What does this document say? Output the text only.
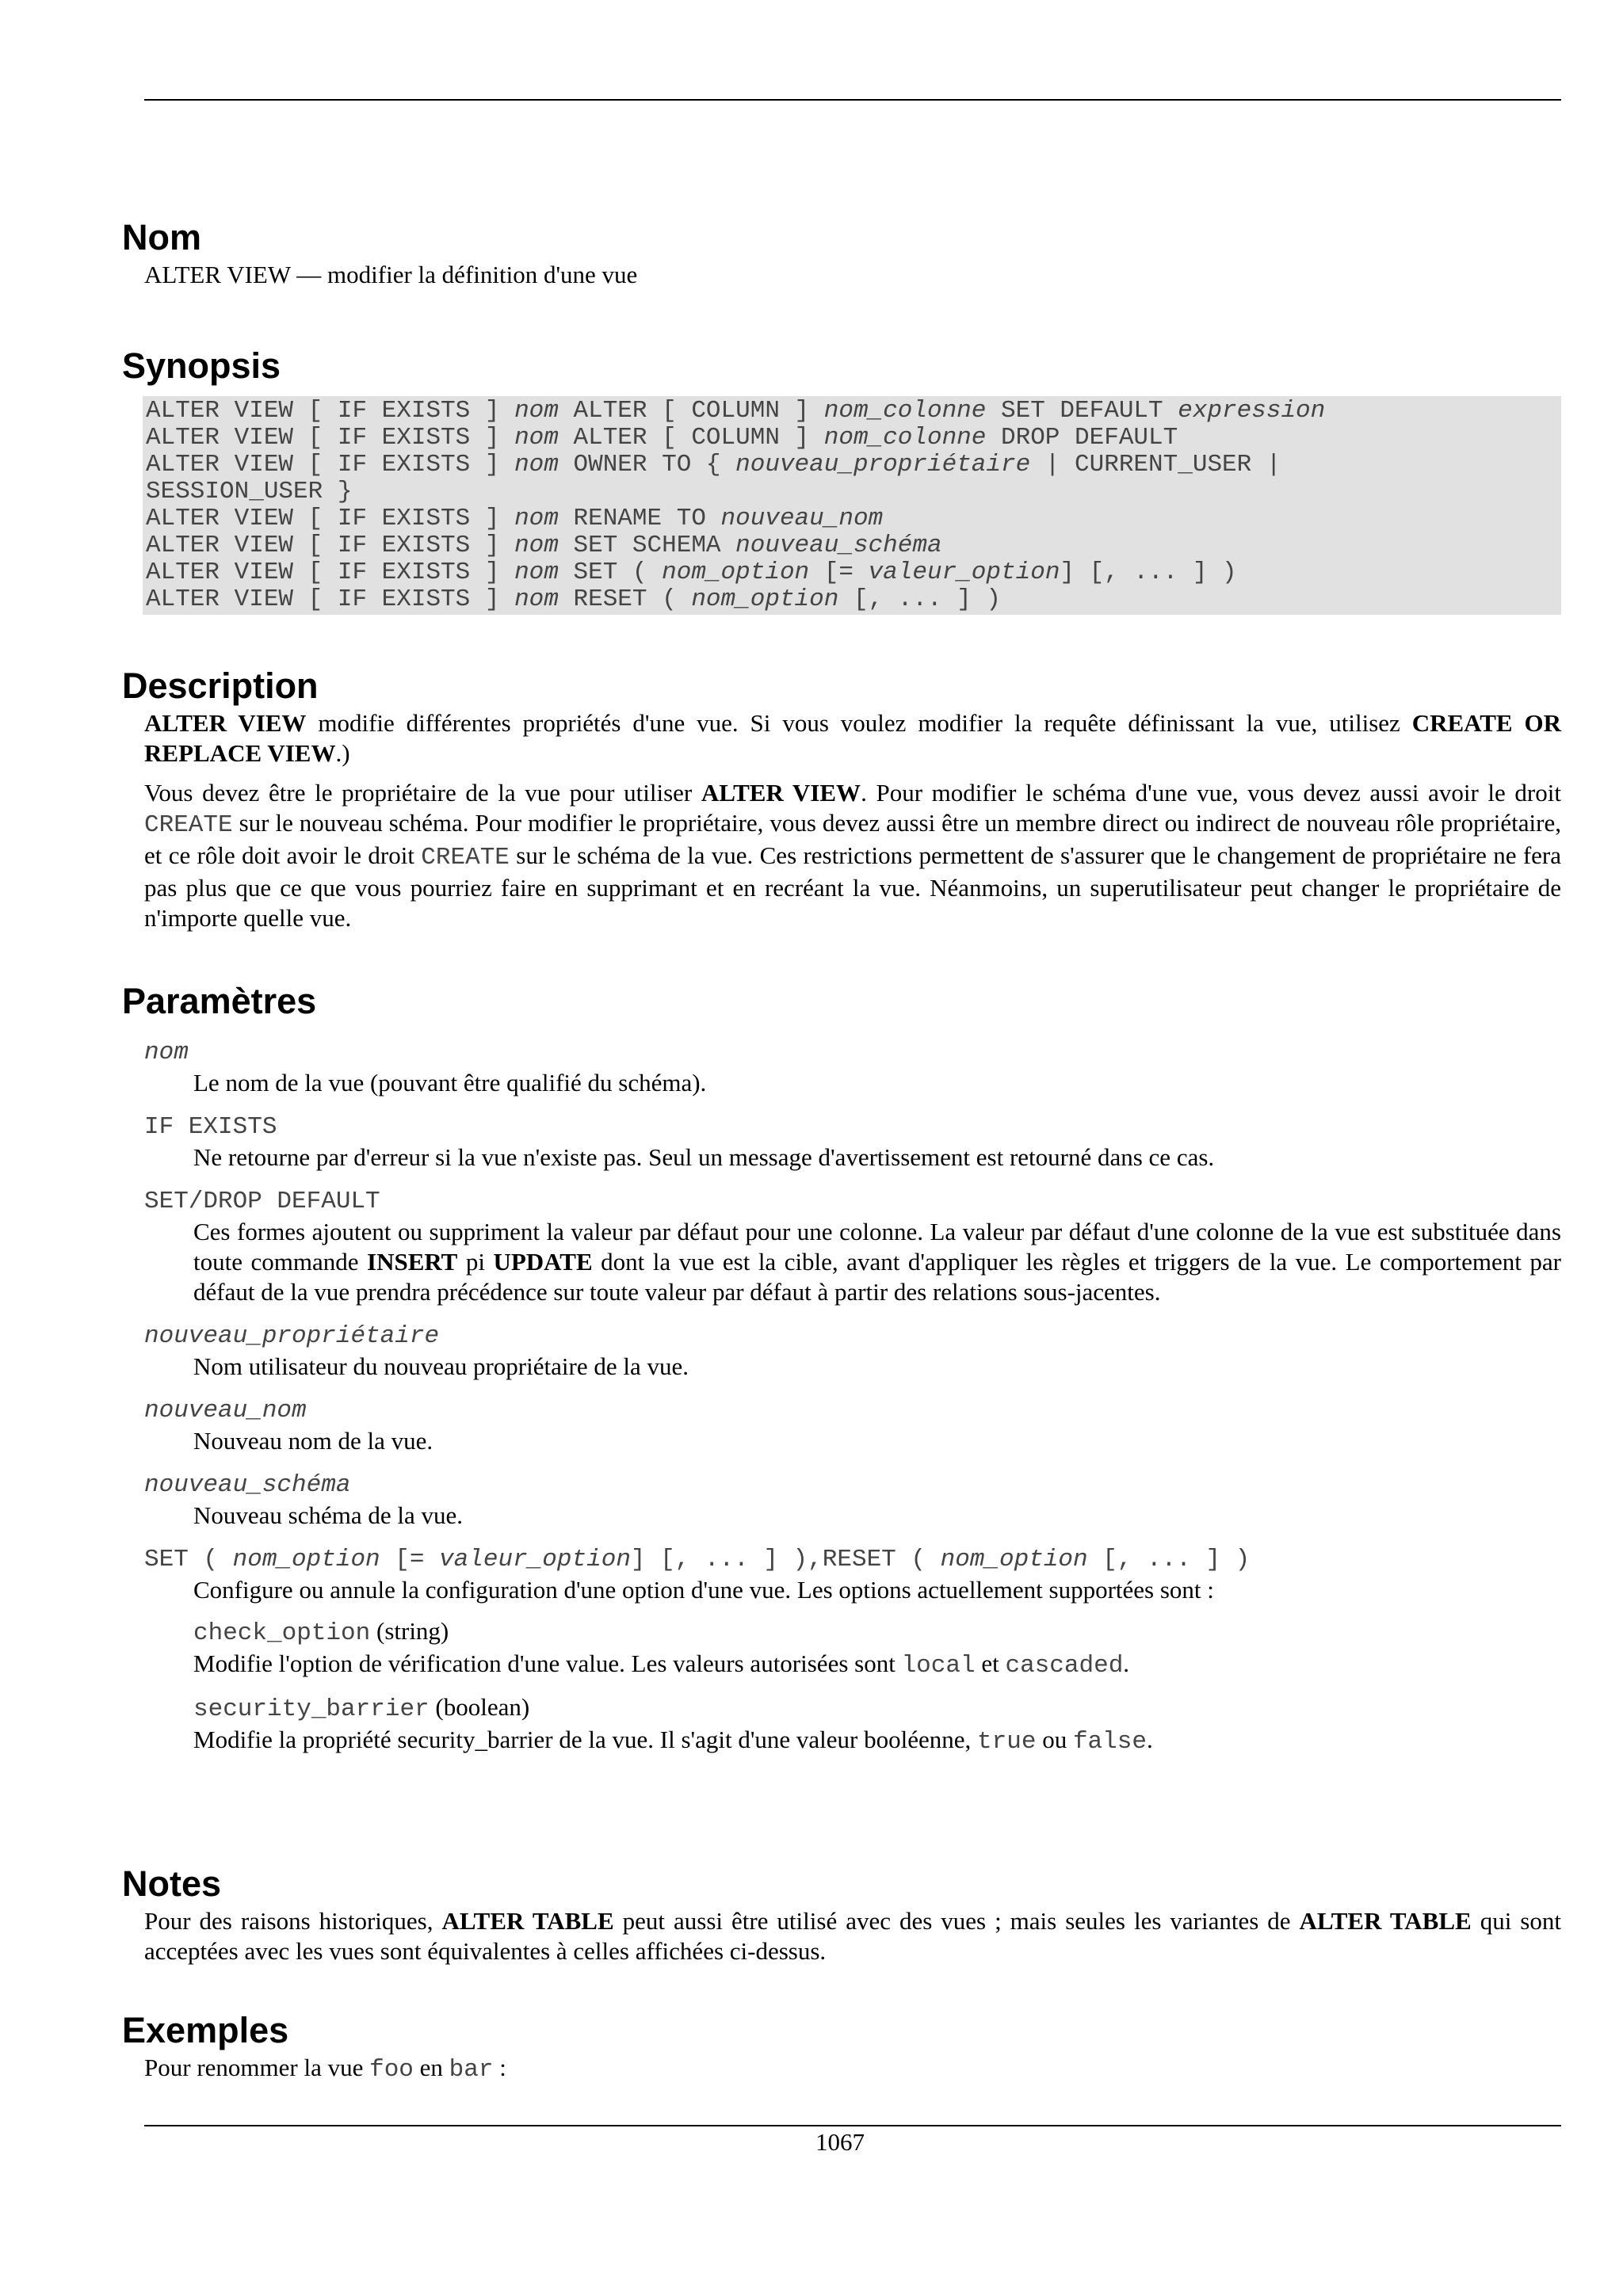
Nom

ALTER VIEW — modifier la définition d'une vue

Synopsis
ALTER VIEW [ IF EXISTS ] nom ALTER [ COLUMN ] nom_colonne SET DEFAULT expression
ALTER VIEW [ IF EXISTS ] nom ALTER [ COLUMN ] nom_colonne DROP DEFAULT
ALTER VIEW [ IF EXISTS ] nom OWNER TO { nouveau_propriétaire | CURRENT_USER |
SESSION_USER }
ALTER VIEW [ IF EXISTS ] nom RENAME TO nouveau_nom
ALTER VIEW [ IF EXISTS ] nom SET SCHEMA nouveau_schéma
ALTER VIEW [ IF EXISTS ] nom SET ( nom_option [= valeur_option] [, ... ] )
ALTER VIEW [ IF EXISTS ] nom RESET ( nom_option [, ... ] )
Description

ALTER VIEW modifie différentes propriétés d'une vue. Si vous voulez modifier la requête définissant la vue, utilisez CREATE OR REPLACE VIEW.)

Vous devez être le propriétaire de la vue pour utiliser ALTER VIEW. Pour modifier le schéma d'une vue, vous devez aussi avoir le droit CREATE sur le nouveau schéma. Pour modifier le propriétaire, vous devez aussi être un membre direct ou indirect de nouveau rôle propriétaire, et ce rôle doit avoir le droit CREATE sur le schéma de la vue. Ces restrictions permettent de s'assurer que le changement de propriétaire ne fera pas plus que ce que vous pourriez faire en supprimant et en recréant la vue. Néanmoins, un superutilisateur peut changer le propriétaire de n'importe quelle vue.

Paramètres
nom
Le nom de la vue (pouvant être qualifié du schéma).
IF EXISTS
Ne retourne par d'erreur si la vue n'existe pas. Seul un message d'avertissement est retourné dans ce cas.
SET/DROP DEFAULT
Ces formes ajoutent ou suppriment la valeur par défaut pour une colonne. La valeur par défaut d'une colonne de la vue est substituée dans toute commande INSERT pi UPDATE dont la vue est la cible, avant d'appliquer les règles et triggers de la vue. Le comportement par défaut de la vue prendra précédence sur toute valeur par défaut à partir des relations sous-jacentes.
nouveau_propriétaire
Nom utilisateur du nouveau propriétaire de la vue.
nouveau_nom
Nouveau nom de la vue.
nouveau_schéma
Nouveau schéma de la vue.
SET ( nom_option [= valeur_option] [, ... ] ),RESET ( nom_option [, ... ] )
Configure ou annule la configuration d'une option d'une vue. Les options actuellement supportées sont :
check_option (string)
Modifie l'option de vérification d'une value. Les valeurs autorisées sont local et cascaded.
security_barrier (boolean)
Modifie la propriété security_barrier de la vue. Il s'agit d'une valeur booléenne, true ou false.
Notes

Pour des raisons historiques, ALTER TABLE peut aussi être utilisé avec des vues ; mais seules les variantes de ALTER TABLE qui sont acceptées avec les vues sont équivalentes à celles affichées ci-dessus.

Exemples

Pour renommer la vue foo en bar :

1067
